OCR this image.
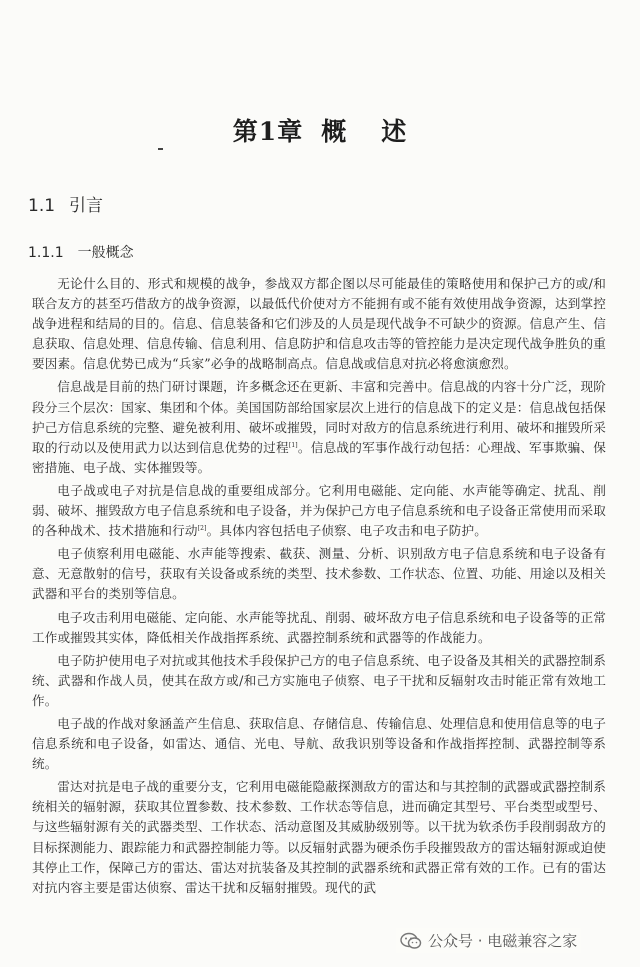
第1章 概 述
1.1 引言
1.1.1 一般概念

无论什么目的、形式和规模的战争，参战双方都企图以尽可能最佳的策略使用和保护己方的或/和联合友方的甚至巧借敌方的战争资源，以最低代价使对方不能拥有或不能有效使用战争资源，达到掌控战争进程和结局的目的。信息、信息装备和它们涉及的人员是现代战争不可缺少的资源。信息产生、信息获取、信息处理、信息传输、信息利用、信息防护和信息攻击等的管控能力是决定现代战争胜负的重要因素。信息优势已成为“兵家”必争的战略制高点。信息战或信息对抗必将愈演愈烈。

信息战是目前的热门研讨课题，许多概念还在更新、丰富和完善中。信息战的内容十分广泛，现阶段分三个层次：国家、集团和个体。美国国防部给国家层次上进行的信息战下的定义是：信息战包括保护己方信息系统的完整、避免被利用、破坏或摧毁，同时对敌方的信息系统进行利用、破坏和摧毁所采取的行动以及使用武力以达到信息优势的过程[1]。信息战的军事作战行动包括：心理战、军事欺骗、保密措施、电子战、实体摧毁等。

电子战或电子对抗是信息战的重要组成部分。它利用电磁能、定向能、水声能等确定、扰乱、削弱、破坏、摧毁敌方电子信息系统和电子设备，并为保护己方电子信息系统和电子设备正常使用而采取的各种战术、技术措施和行动[2]。具体内容包括电子侦察、电子攻击和电子防护。

电子侦察利用电磁能、水声能等搜索、截获、测量、分析、识别敌方电子信息系统和电子设备有意、无意散射的信号，获取有关设备或系统的类型、技术参数、工作状态、位置、功能、用途以及相关武器和平台的类别等信息。

电子攻击利用电磁能、定向能、水声能等扰乱、削弱、破坏敌方电子信息系统和电子设备等的正常工作或摧毁其实体，降低相关作战指挥系统、武器控制系统和武器等的作战能力。

电子防护使用电子对抗或其他技术手段保护己方的电子信息系统、电子设备及其相关的武器控制系统、武器和作战人员，使其在敌方或/和己方实施电子侦察、电子干扰和反辐射攻击时能正常有效地工作。

电子战的作战对象涵盖产生信息、获取信息、存储信息、传输信息、处理信息和使用信息等的电子信息系统和电子设备，如雷达、通信、光电、导航、敌我识别等设备和作战指挥控制、武器控制等系统。

雷达对抗是电子战的重要分支，它利用电磁能隐蔽探测敌方的雷达和与其控制的武器或武器控制系统相关的辐射源，获取其位置参数、技术参数、工作状态等信息，进而确定其型号、平台类型或型号、与这些辐射源有关的武器类型、工作状态、活动意图及其威胁级别等。以干扰为软杀伤手段削弱敌方的目标探测能力、跟踪能力和武器控制能力等。以反辐射武器为硬杀伤手段摧毁敌方的雷达辐射源或迫使其停止工作，保障己方的雷达、雷达对抗装备及其控制的武器系统和武器正常有效的工作。已有的雷达对抗内容主要是雷达侦察、雷达干扰和反辐射摧毁。现代的武

公众号 · 电磁兼容之家
